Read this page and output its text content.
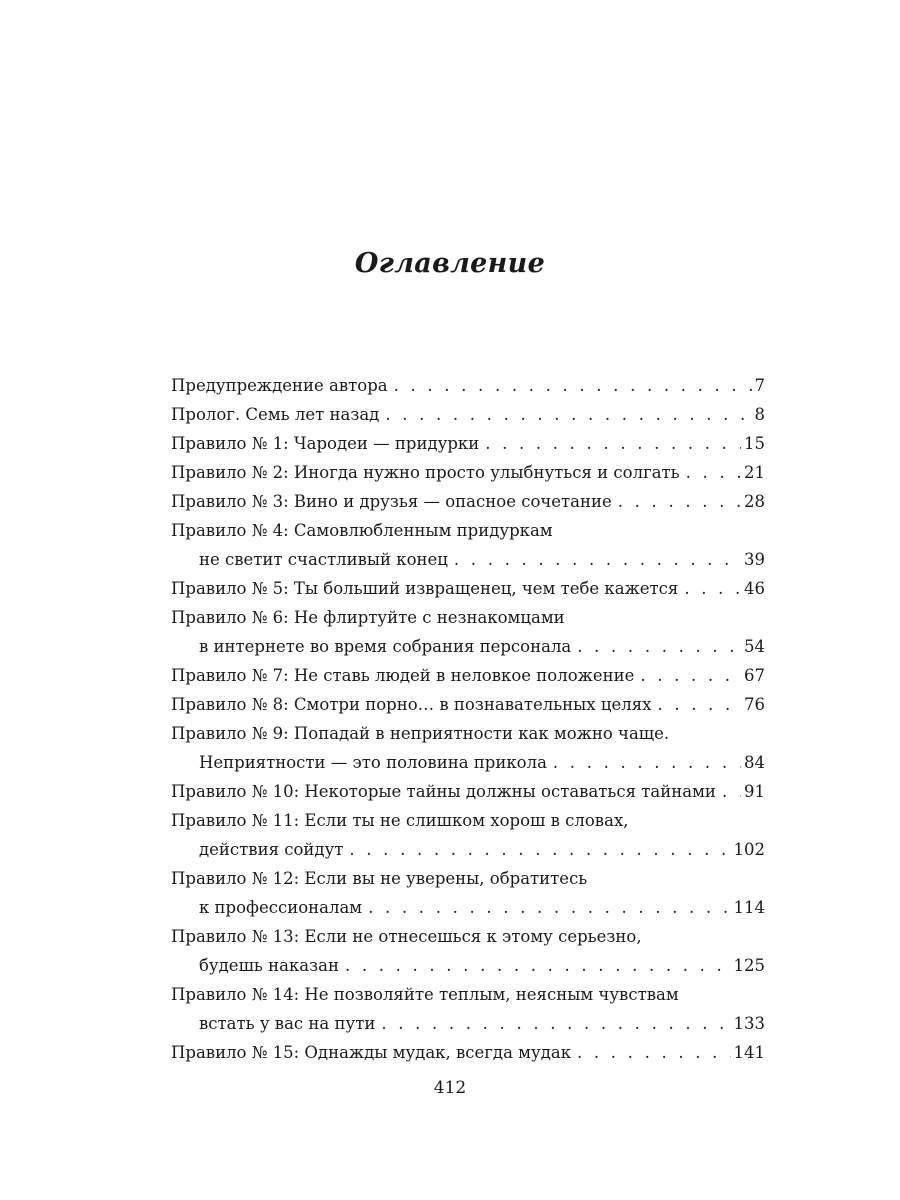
Оглавление
Предупреждение автора . . .	7
Пролог. Семь лет назад . . .	8
Правило № 1: Чародеи — придурки . . .	15
Правило № 2: Иногда нужно просто улыбнуться и солгать . . .	21
Правило № 3: Вино и друзья — опасное сочетание . . .	28
Правило № 4: Самовлюбленным придуркам
не светит счастливый конец . . .	39
Правило № 5: Ты больший извращенец, чем тебе кажется . . .	46
Правило № 6: Не флиртуйте с незнакомцами
в интернете во время собрания персонала . . .	54
Правило № 7: Не ставь людей в неловкое положение . . .	67
Правило № 8: Смотри порно… в познавательных целях . . .	76
Правило № 9: Попадай в неприятности как можно чаще.
Неприятности — это половина прикола . . .	84
Правило № 10: Некоторые тайны должны оставаться тайнами . . . 91
Правило № 11: Если ты не слишком хорош в словах,
действия сойдут . . .	102
Правило № 12: Если вы не уверены, обратитесь
к профессионалам . . .	114
Правило № 13: Если не отнесешься к этому серьезно,
будешь наказан . . .	125
Правило № 14: Не позволяйте теплым, неясным чувствам
встать у вас на пути . . .	133
Правило № 15: Однажды мудак, всегда мудак . . .	141
412
